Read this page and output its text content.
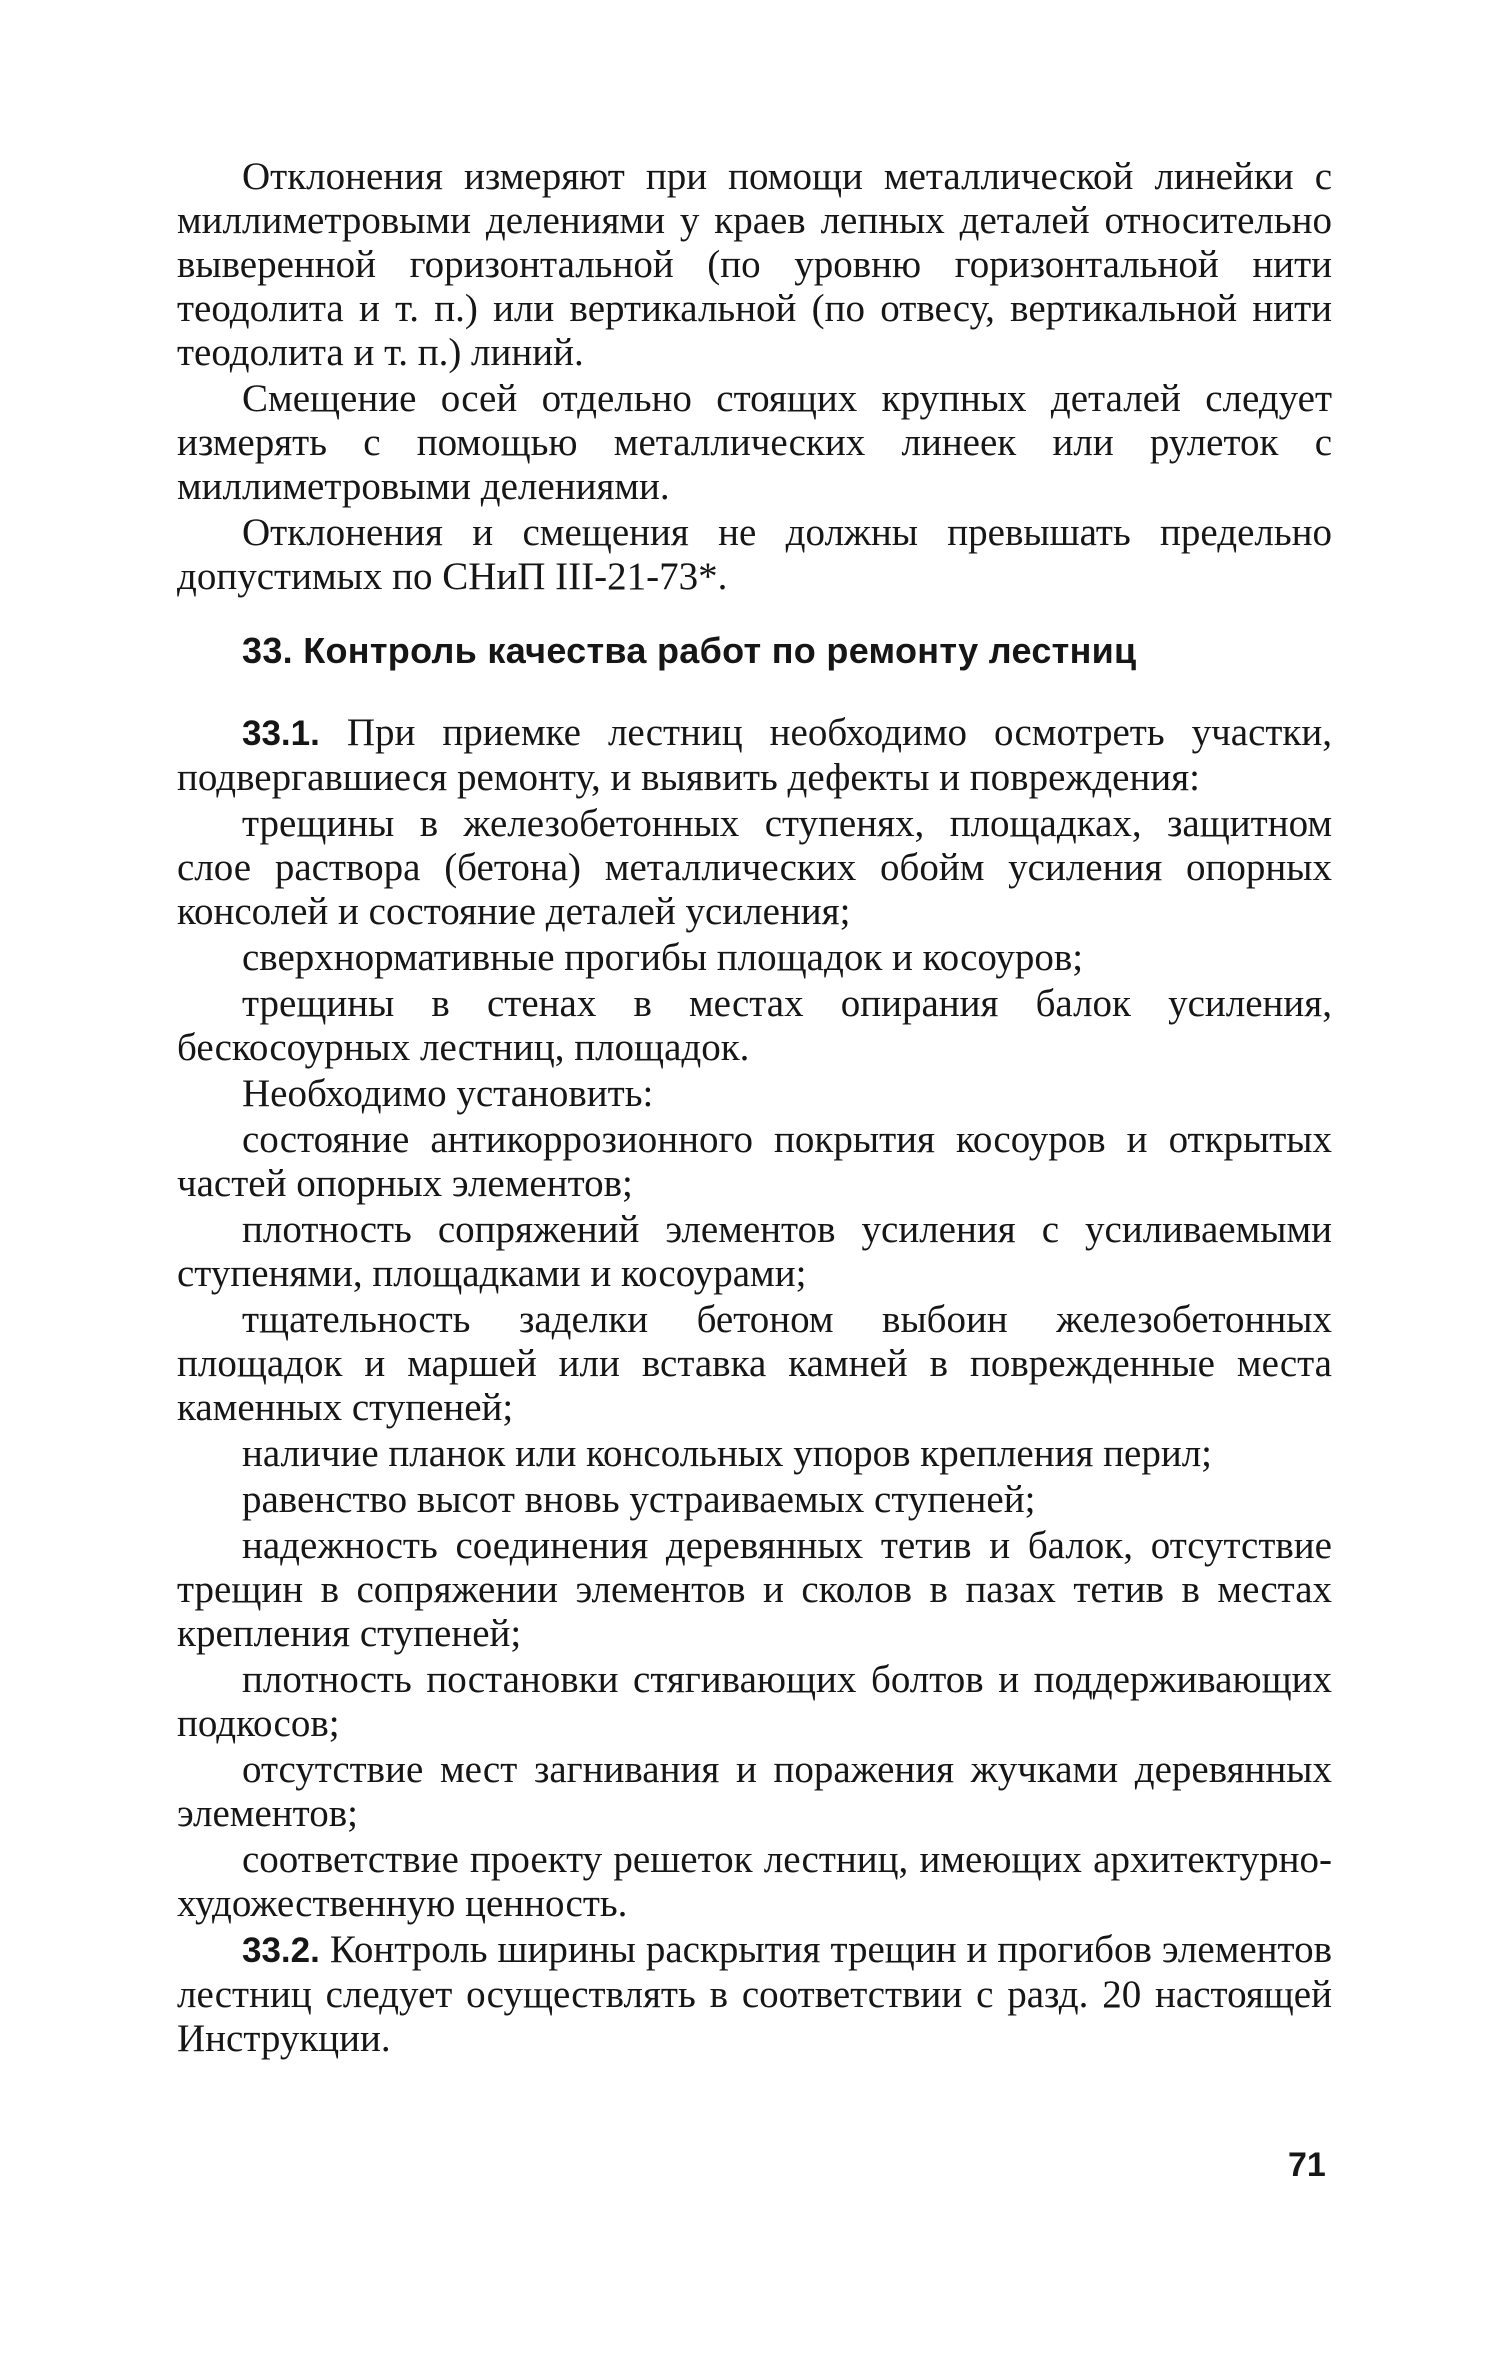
Отклонения измеряют при помощи металлической линейки с миллиметровыми делениями у краев лепных деталей относительно выверенной горизонтальной (по уровню горизонтальной нити теодолита и т. п.) или вертикальной (по отвесу, вертикальной нити теодолита и т. п.) линий.

Смещение осей отдельно стоящих крупных деталей следует измерять с помощью металлических линеек или рулеток с миллиметровыми делениями.

Отклонения и смещения не должны превышать предельно допустимых по СНиП III-21-73*.

33. Контроль качества работ по ремонту лестниц

33.1. При приемке лестниц необходимо осмотреть участки, подвергавшиеся ремонту, и выявить дефекты и повреждения:

трещины в железобетонных ступенях, площадках, защитном слое раствора (бетона) металлических обойм усиления опорных консолей и состояние деталей усиления;

сверхнормативные прогибы площадок и косоуров;

трещины в стенах в местах опирания балок усиления, бескосоурных лестниц, площадок.

Необходимо установить:

состояние антикоррозионного покрытия косоуров и открытых частей опорных элементов;

плотность сопряжений элементов усиления с усиливаемыми ступенями, площадками и косоурами;

тщательность заделки бетоном выбоин железобетонных площадок и маршей или вставка камней в поврежденные места каменных ступеней;

наличие планок или консольных упоров крепления перил;

равенство высот вновь устраиваемых ступеней;

надежность соединения деревянных тетив и балок, отсутствие трещин в сопряжении элементов и сколов в пазах тетив в местах крепления ступеней;

плотность постановки стягивающих болтов и поддерживающих подкосов;

отсутствие мест загнивания и поражения жучками деревянных элементов;

соответствие проекту решеток лестниц, имеющих архитектурно-художественную ценность.

33.2. Контроль ширины раскрытия трещин и прогибов элементов лестниц следует осуществлять в соответствии с разд. 20 настоящей Инструкции.

71
